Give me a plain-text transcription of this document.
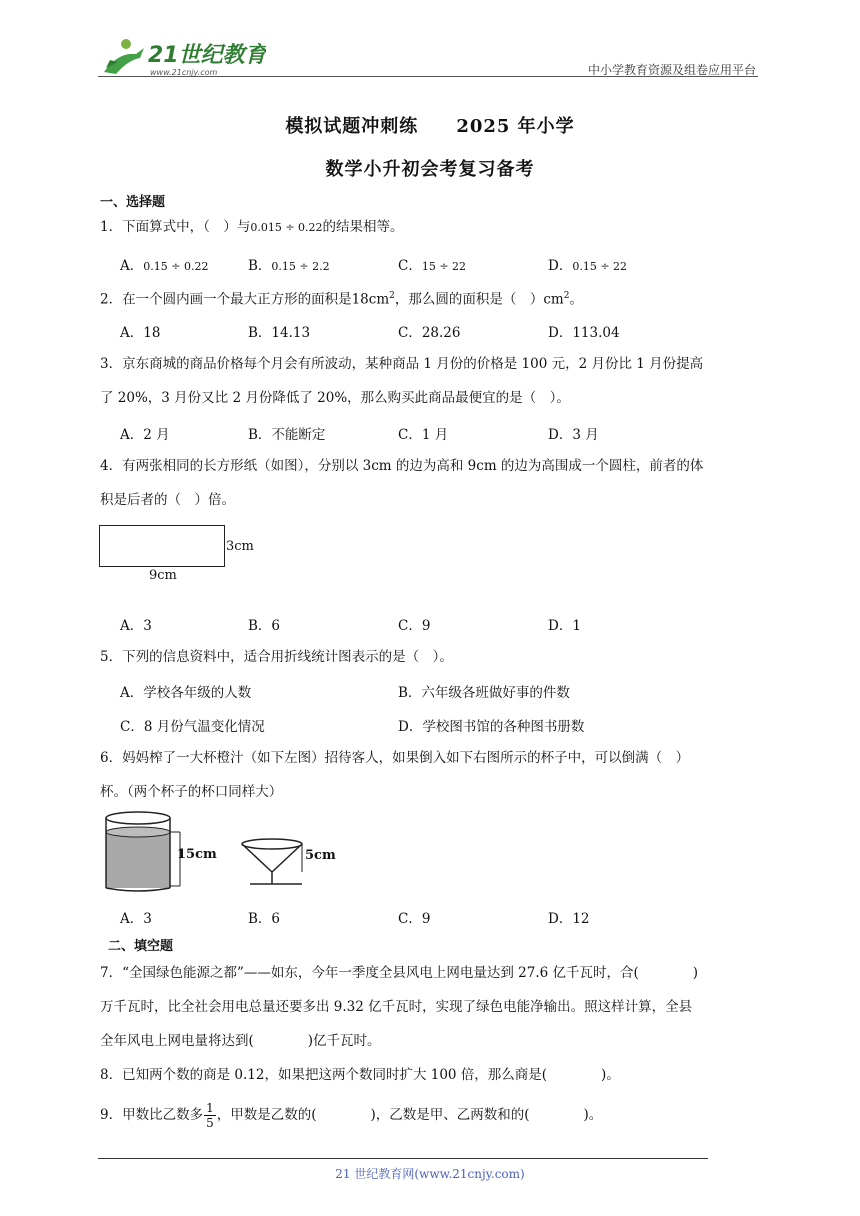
21世纪教育
www.21cnjy.com	中小学教育资源及组卷应用平台
模拟试题冲刺练 2025 年小学
数学小升初会考复习备考
一、选择题
1．下面算式中，（　）与0.015 ÷ 0.22的结果相等。
A．0.15 ÷ 0.22	B．0.15 ÷ 2.2	C．15 ÷ 22	D．0.15 ÷ 22
2．在一个圆内画一个最大正方形的面积是$18cm^2$，那么圆的面积是（　）$cm^2$。
A．18	B．14.13	C．28.26	D．113.04
3．京东商城的商品价格每个月会有所波动，某种商品 1 月份的价格是 100 元，2 月份比 1 月份提高
了 20%，3 月份又比 2 月份降低了 20%，那么购买此商品最便宜的是（　）。
A．2 月	B．不能断定	C．1 月	D．3 月
4．有两张相同的长方形纸（如图），分别以 3cm 的边为高和 9cm 的边为高围成一个圆柱，前者的体
积是后者的（　）倍。
3cm
9cm
A．3	B．6	C．9	D．1
5．下列的信息资料中，适合用折线统计图表示的是（　）。
A．学校各年级的人数	B．六年级各班做好事的件数
C．8 月份气温变化情况	D．学校图书馆的各种图书册数
6．妈妈榨了一大杯橙汁（如下左图）招待客人，如果倒入如下右图所示的杯子中，可以倒满（　）
杯。（两个杯子的杯口同样大）
15cm	5cm
A．3	B．6	C．9	D．12
二、填空题
7．“全国绿色能源之都”——如东，今年一季度全县风电上网电量达到 27.6 亿千瓦时，合(　　　　)
万千瓦时，比全社会用电总量还要多出 9.32 亿千瓦时，实现了绿色电能净输出。照这样计算，全县
全年风电上网电量将达到(　　　　)亿千瓦时。
8．已知两个数的商是 0.12，如果把这两个数同时扩大 100 倍，那么商是(　　　　)。
9．甲数比乙数多 $\frac{1}{5}$ ，甲数是乙数的(　　　　)，乙数是甲、乙两数和的(　　　　)。
21 世纪教育网(www.21cnjy.com)
